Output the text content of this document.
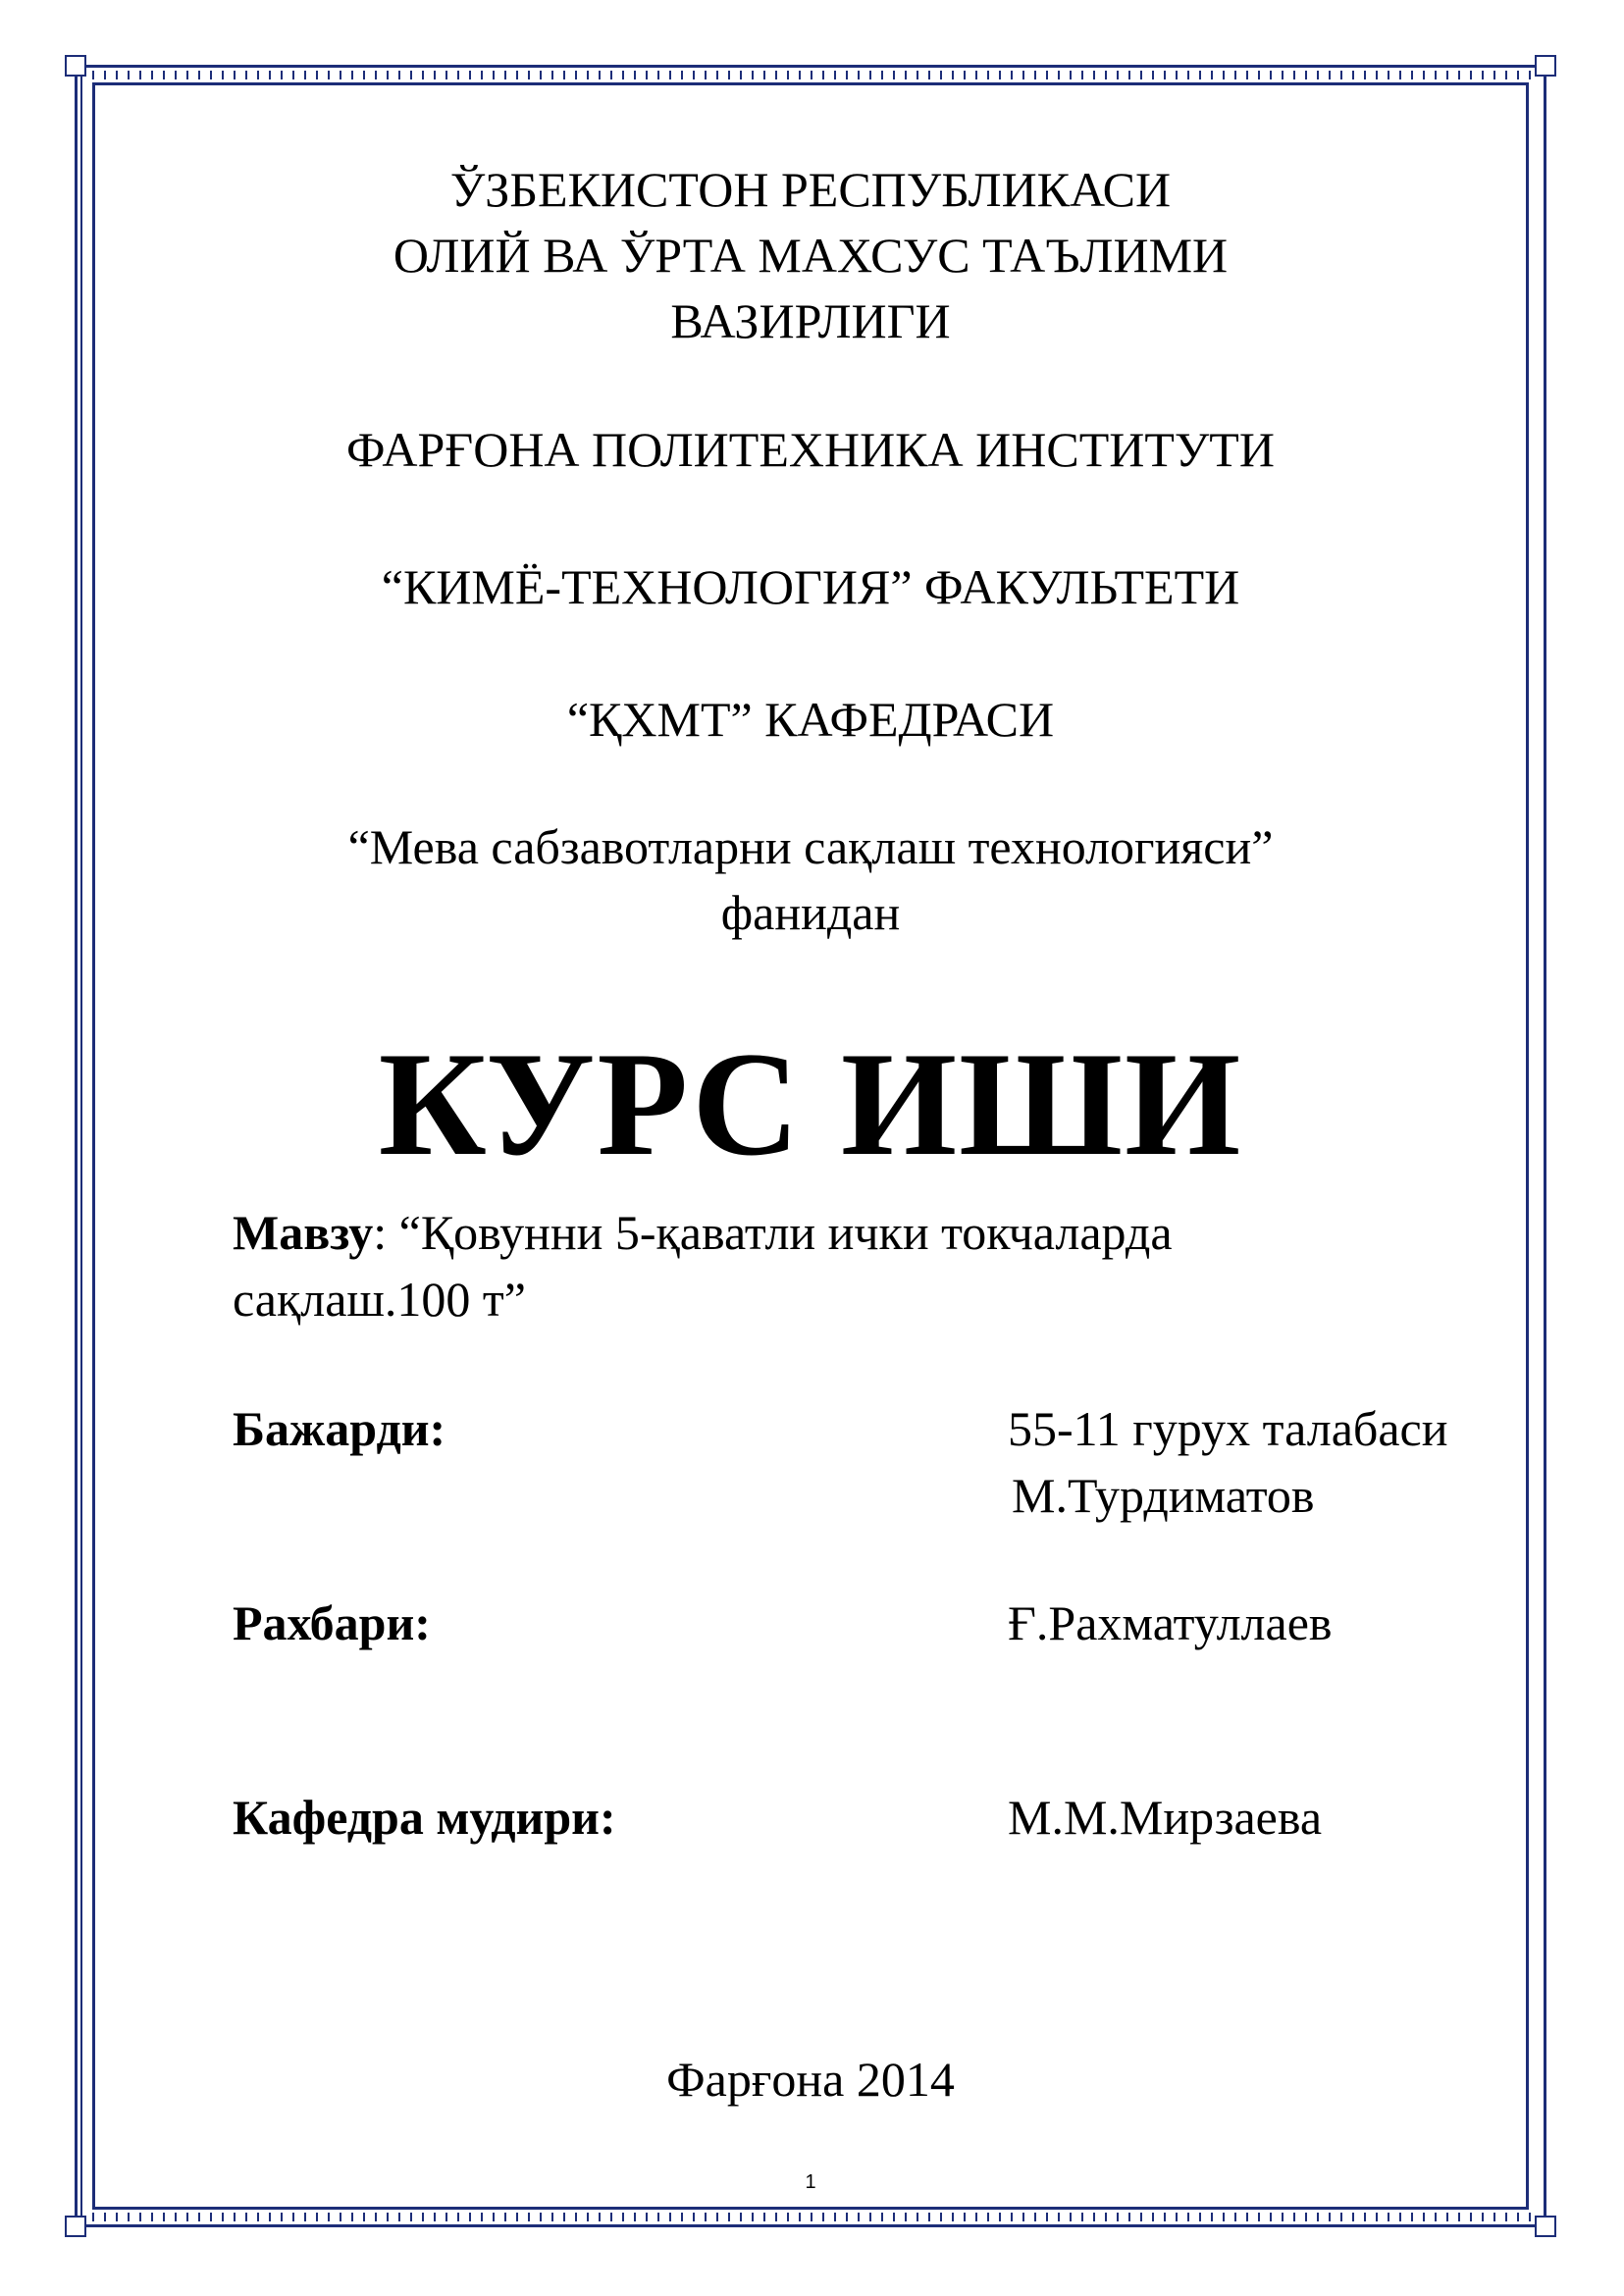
ЎЗБЕКИСТОН РЕСПУБЛИКАСИ
ОЛИЙ ВА ЎРТА МАХСУС ТАЪЛИМИ
ВАЗИРЛИГИ
ФАРҒОНА ПОЛИТЕХНИКА ИНСТИТУТИ
“КИМЁ-ТЕХНОЛОГИЯ” ФАКУЛЬТЕТИ
“ҚХМТ” КАФЕДРАСИ
“Мева сабзавотларни сақлаш технологияси”
фанидан
КУРС ИШИ
Мавзу: “Қовунни 5-қаватли ички токчаларда
сақлаш.100 т”
Бажарди:	55-11 гурух талабаси
М.Турдиматов
Рахбари:	Ғ.Рахматуллаев
Кафедра мудири:	М.М.Мирзаева
Фарғона 2014
1
